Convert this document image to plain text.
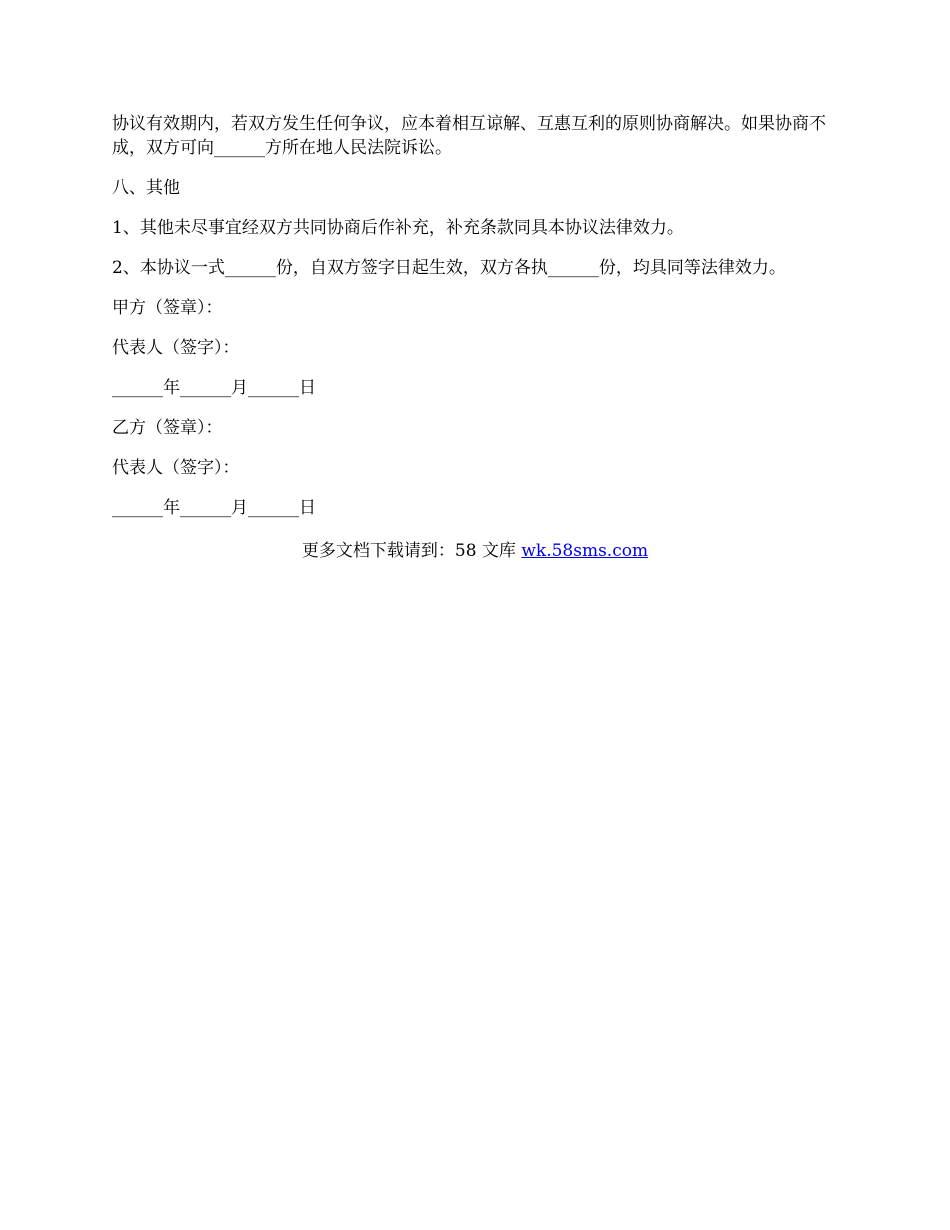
协议有效期内，若双方发生任何争议，应本着相互谅解、互惠互利的原则协商解决。如果协商不成，双方可向______方所在地人民法院诉讼。

八、其他

1、其他未尽事宜经双方共同协商后作补充，补充条款同具本协议法律效力。

2、本协议一式______份，自双方签字日起生效，双方各执______份，均具同等法律效力。

甲方（签章）：

代表人（签字）：

______年______月______日

乙方（签章）：

代表人（签字）：

______年______月______日

更多文档下载请到：58 文库 wk.58sms.com
